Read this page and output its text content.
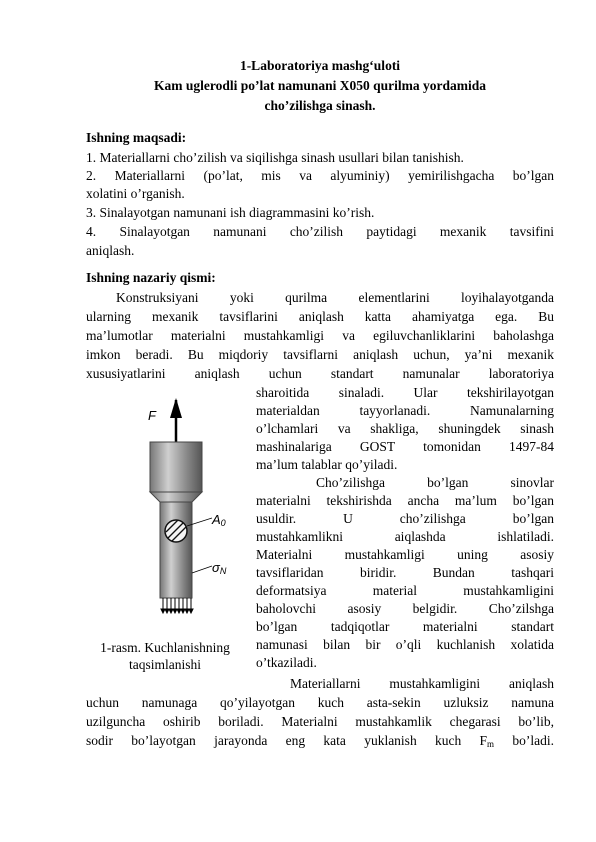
1-Laboratoriya mashg‘uloti
Kam uglerodli po’lat namunani X050 qurilma yordamida
cho’zilishga sinash.
Ishning maqsadi:
1. Materiallarni cho’zilish va siqilishga sinash usullari bilan tanishish.
2. Materiallarni (po’lat, mis va alyuminiy) yemirilishgacha bo’lgan
xolatini o’rganish.
3. Sinalayotgan namunani ish diagrammasini ko’rish.
4. Sinalayotgan namunani cho’zilish paytidagi mexanik tavsifini
aniqlash.
Ishning nazariy qismi:
Konstruksiyani yoki qurilma elementlarini loyihalayotganda
ularning mexanik tavsiflarini aniqlash katta ahamiyatga ega. Bu
ma’lumotlar materialni mustahkamligi va egiluvchanliklarini baholashga
imkon beradi. Bu miqdoriy tavsiflarni aniqlash uchun, ya’ni mexanik
xususiyatlarini aniqlash uchun standart namunalar laboratoriya
sharoitida sinaladi. Ular tekshirilayotgan
materialdan tayyorlanadi. Namunalarning
o’lchamlari va shakliga, shuningdek sinash
mashinalariga GOST tomonidan 1497-84
ma’lum talablar qo’yiladi.
Cho’zilishga bo’lgan sinovlar
materialni tekshirishda ancha ma’lum bo’lgan
usuldir. U cho’zilishga bo’lgan
mustahkamlikni aiqlashda ishlatiladi.
Materialni mustahkamligi uning asosiy
tavsiflaridan biridir. Bundan tashqari
deformatsiya material mustahkamligini
baholovchi asosiy belgidir. Cho’zilshga
bo’lgan tadqiqotlar materialni standart
namunasi bilan bir o’qli kuchlanish xolatida
o’tkaziladi.
Materiallarni mustahkamligini aniqlash
uchun namunaga qo’yilayotgan kuch asta-sekin uzluksiz namuna
uzilguncha oshirib boriladi. Materialni mustahkamlik chegarasi bo’lib,
sodir bo’layotgan jarayonda eng kata yuklanish kuch $F_m$ bo’ladi.
F
$A_0$
$\sigma_N$
1-rasm. Kuchlanishning
taqsimlanishi
